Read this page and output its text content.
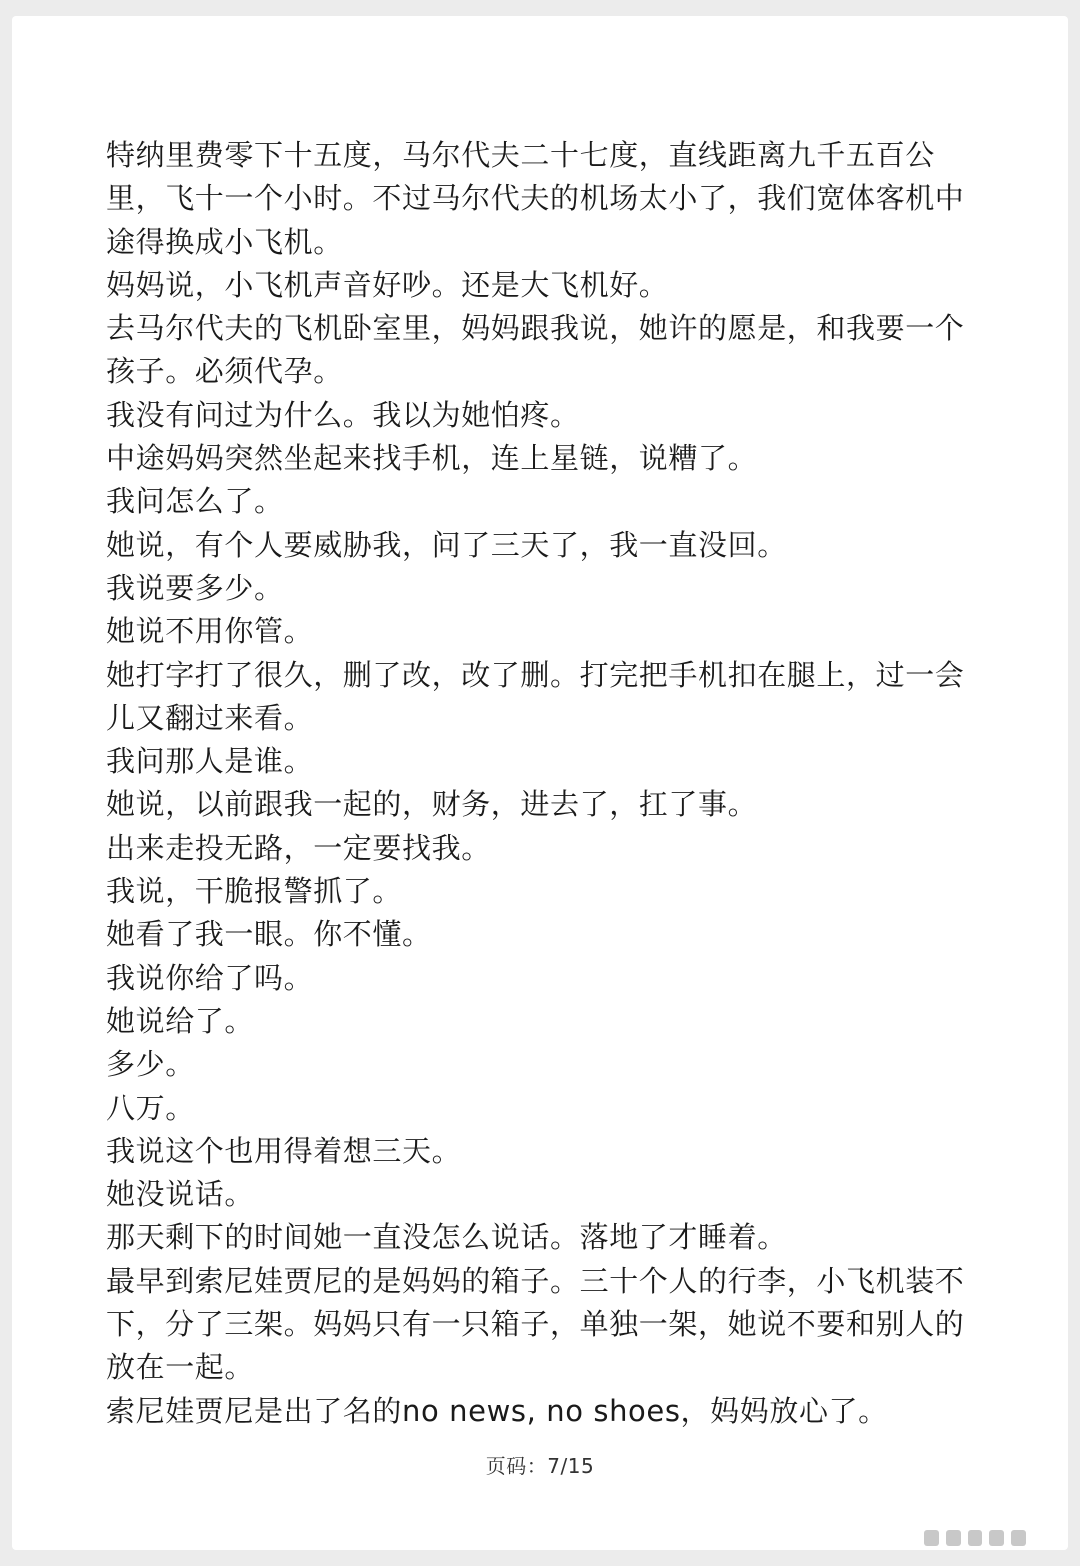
特纳里费零下十五度，马尔代夫二十七度，直线距离九千五百公里，飞十一个小时。不过马尔代夫的机场太小了，我们宽体客机中途得换成小飞机。

妈妈说，小飞机声音好吵。还是大飞机好。

去马尔代夫的飞机卧室里，妈妈跟我说，她许的愿是，和我要一个孩子。必须代孕。

我没有问过为什么。我以为她怕疼。

中途妈妈突然坐起来找手机，连上星链，说糟了。

我问怎么了。

她说，有个人要威胁我，问了三天了，我一直没回。

我说要多少。

她说不用你管。

她打字打了很久，删了改，改了删。打完把手机扣在腿上，过一会儿又翻过来看。

我问那人是谁。

她说，以前跟我一起的，财务，进去了，扛了事。

出来走投无路，一定要找我。

我说，干脆报警抓了。

她看了我一眼。你不懂。

我说你给了吗。

她说给了。

多少。

八万。

我说这个也用得着想三天。

她没说话。

那天剩下的时间她一直没怎么说话。落地了才睡着。

最早到索尼娃贾尼的是妈妈的箱子。三十个人的行李，小飞机装不下，分了三架。妈妈只有一只箱子，单独一架，她说不要和别人的放在一起。

索尼娃贾尼是出了名的no news, no shoes，妈妈放心了。

页码：7/15
